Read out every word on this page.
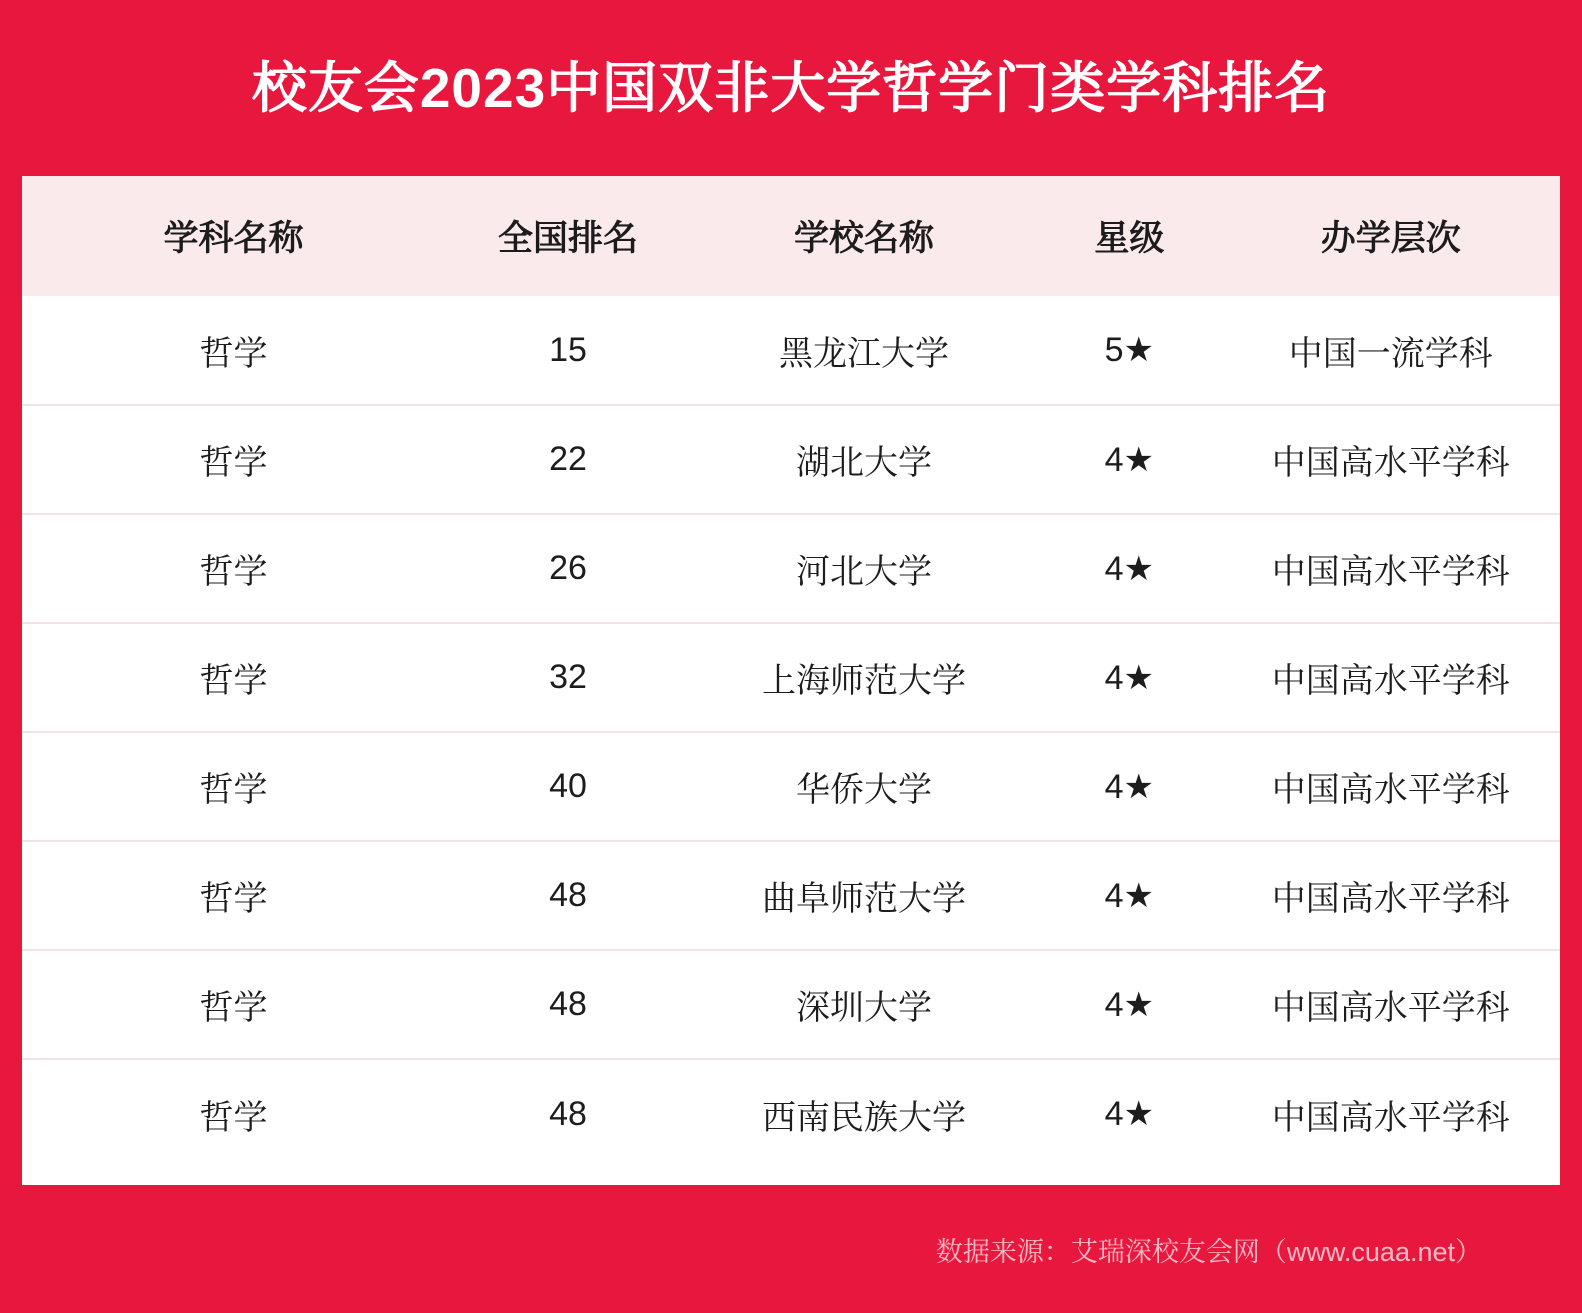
校友会2023中国双非大学哲学门类学科排名
学科名称	全国排名	学校名称	星级	办学层次
哲学	15	黑龙江大学	5★	中国一流学科
哲学	22	湖北大学	4★	中国高水平学科
哲学	26	河北大学	4★	中国高水平学科
哲学	32	上海师范大学	4★	中国高水平学科
哲学	40	华侨大学	4★	中国高水平学科
哲学	48	曲阜师范大学	4★	中国高水平学科
哲学	48	深圳大学	4★	中国高水平学科
哲学	48	西南民族大学	4★	中国高水平学科
数据来源：艾瑞深校友会网（www.cuaa.net）
